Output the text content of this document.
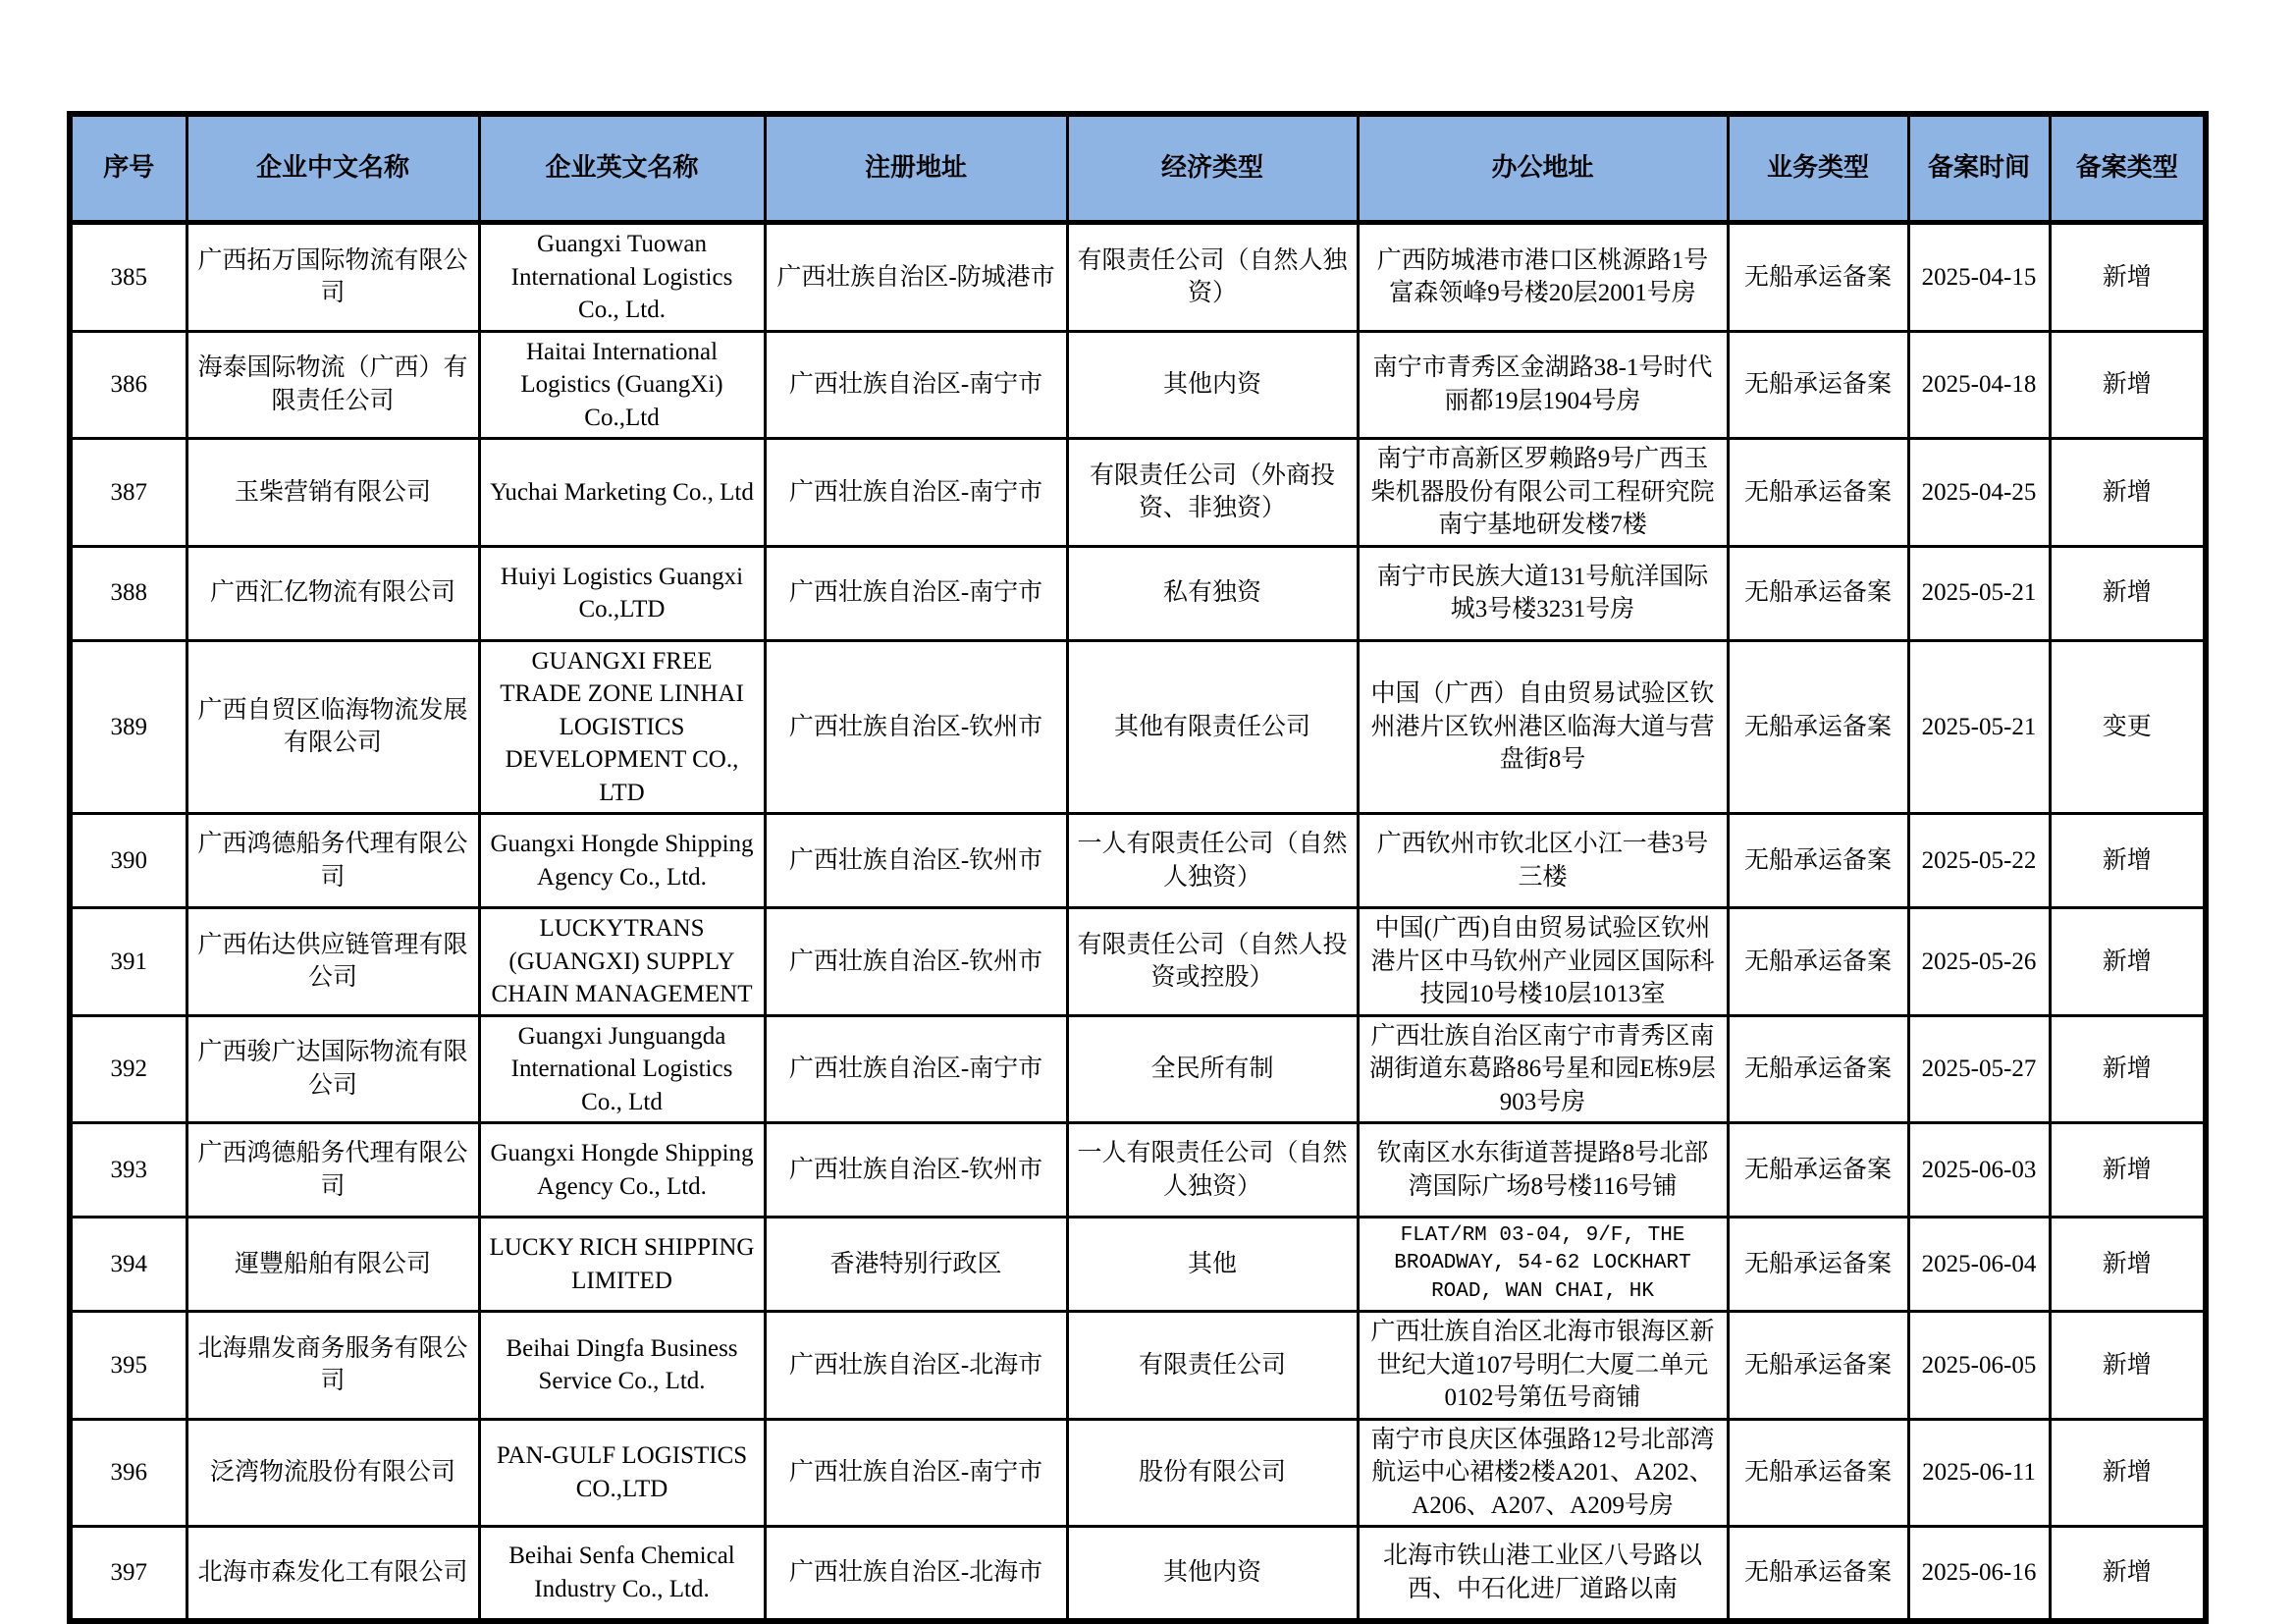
序号	企业中文名称	企业英文名称	注册地址	经济类型	办公地址	业务类型	备案时间	备案类型
385	广西拓万国际物流有限公司	Guangxi Tuowan International Logistics Co., Ltd.	广西壮族自治区-防城港市	有限责任公司（自然人独资）	广西防城港市港口区桃源路1号富森领峰9号楼20层2001号房	无船承运备案	2025-04-15	新增
386	海泰国际物流（广西）有限责任公司	Haitai International Logistics (GuangXi) Co.,Ltd	广西壮族自治区-南宁市	其他内资	南宁市青秀区金湖路38-1号时代丽都19层1904号房	无船承运备案	2025-04-18	新增
387	玉柴营销有限公司	Yuchai Marketing Co., Ltd	广西壮族自治区-南宁市	有限责任公司（外商投资、非独资）	南宁市高新区罗赖路9号广西玉柴机器股份有限公司工程研究院南宁基地研发楼7楼	无船承运备案	2025-04-25	新增
388	广西汇亿物流有限公司	Huiyi Logistics Guangxi Co.,LTD	广西壮族自治区-南宁市	私有独资	南宁市民族大道131号航洋国际城3号楼3231号房	无船承运备案	2025-05-21	新增
389	广西自贸区临海物流发展有限公司	GUANGXI FREE TRADE ZONE LINHAI LOGISTICS DEVELOPMENT CO., LTD	广西壮族自治区-钦州市	其他有限责任公司	中国（广西）自由贸易试验区钦州港片区钦州港区临海大道与营盘街8号	无船承运备案	2025-05-21	变更
390	广西鸿德船务代理有限公司	Guangxi Hongde Shipping Agency Co., Ltd.	广西壮族自治区-钦州市	一人有限责任公司（自然人独资）	广西钦州市钦北区小江一巷3号三楼	无船承运备案	2025-05-22	新增
391	广西佑达供应链管理有限公司	LUCKYTRANS (GUANGXI) SUPPLY CHAIN MANAGEMENT	广西壮族自治区-钦州市	有限责任公司（自然人投资或控股）	中国(广西)自由贸易试验区钦州港片区中马钦州产业园区国际科技园10号楼10层1013室	无船承运备案	2025-05-26	新增
392	广西骏广达国际物流有限公司	Guangxi Junguangda International Logistics Co., Ltd	广西壮族自治区-南宁市	全民所有制	广西壮族自治区南宁市青秀区南湖街道东葛路86号星和园E栋9层903号房	无船承运备案	2025-05-27	新增
393	广西鸿德船务代理有限公司	Guangxi Hongde Shipping Agency Co., Ltd.	广西壮族自治区-钦州市	一人有限责任公司（自然人独资）	钦南区水东街道菩提路8号北部湾国际广场8号楼116号铺	无船承运备案	2025-06-03	新增
394	運豐船舶有限公司	LUCKY RICH SHIPPING LIMITED	香港特别行政区	其他	FLAT/RM 03-04, 9/F, THE BROADWAY, 54-62 LOCKHART ROAD, WAN CHAI, HK	无船承运备案	2025-06-04	新增
395	北海鼎发商务服务有限公司	Beihai Dingfa Business Service Co., Ltd.	广西壮族自治区-北海市	有限责任公司	广西壮族自治区北海市银海区新世纪大道107号明仁大厦二单元0102号第伍号商铺	无船承运备案	2025-06-05	新增
396	泛湾物流股份有限公司	PAN-GULF LOGISTICS CO.,LTD	广西壮族自治区-南宁市	股份有限公司	南宁市良庆区体强路12号北部湾航运中心裙楼2楼A201、A202、A206、A207、A209号房	无船承运备案	2025-06-11	新增
397	北海市森发化工有限公司	Beihai Senfa Chemical Industry Co., Ltd.	广西壮族自治区-北海市	其他内资	北海市铁山港工业区八号路以西、中石化进厂道路以南	无船承运备案	2025-06-16	新增
